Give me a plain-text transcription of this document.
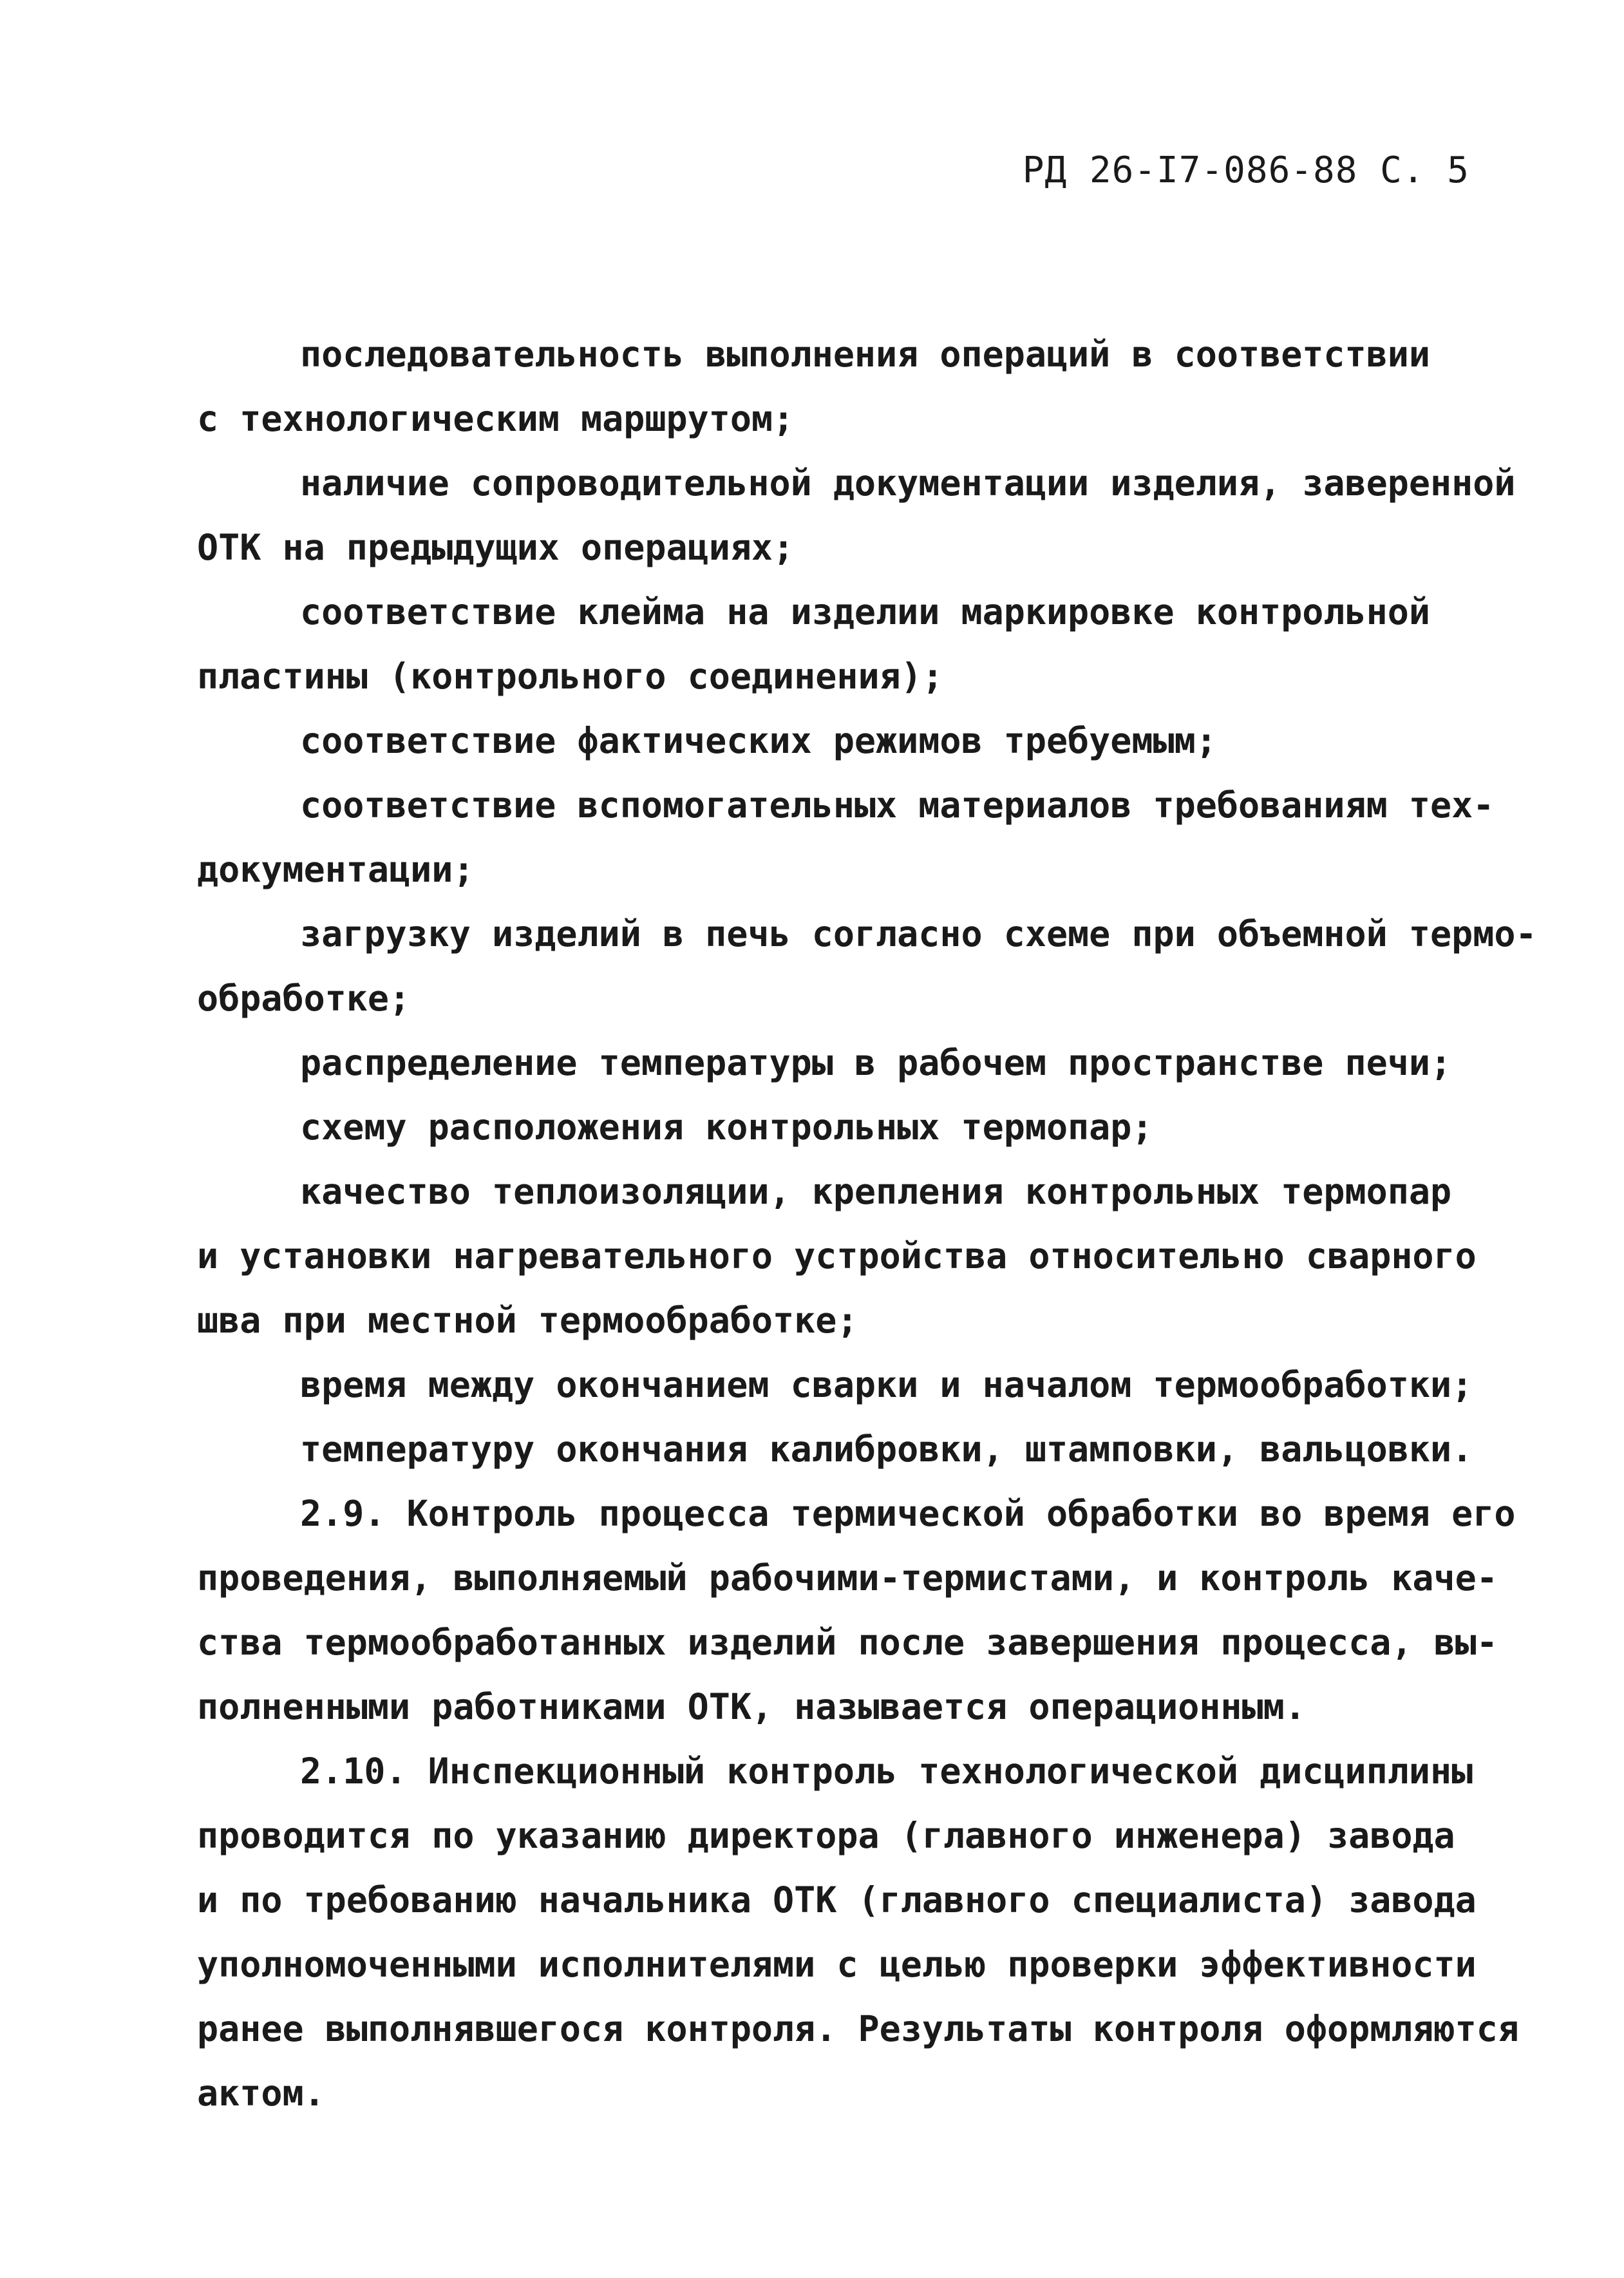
РД 26-І7-086-88 С. 5
последовательность выполнения операций в соответствии
с технологическим маршрутом;
наличие сопроводительной документации изделия, заверенной
ОТК на предыдущих операциях;
соответствие клейма на изделии маркировке контрольной
пластины (контрольного соединения);
соответствие фактических режимов требуемым;
соответствие вспомогательных материалов требованиям тех-
документации;
загрузку изделий в печь согласно схеме при объемной термо-
обработке;
распределение температуры в рабочем пространстве печи;
схему расположения контрольных термопар;
качество теплоизоляции, крепления контрольных термопар
и установки нагревательного устройства относительно сварного
шва при местной термообработке;
время между окончанием сварки и началом термообработки;
температуру окончания калибровки, штамповки, вальцовки.
2.9. Контроль процесса термической обработки во время его
проведения, выполняемый рабочими-термистами, и контроль каче-
ства термообработанных изделий после завершения процесса, вы-
полненными работниками ОТК, называется операционным.
2.10. Инспекционный контроль технологической дисциплины
проводится по указанию директора (главного инженера) завода
и по требованию начальника ОТК (главного специалиста) завода
уполномоченными исполнителями с целью проверки эффективности
ранее выполнявшегося контроля. Результаты контроля оформляются
актом.
